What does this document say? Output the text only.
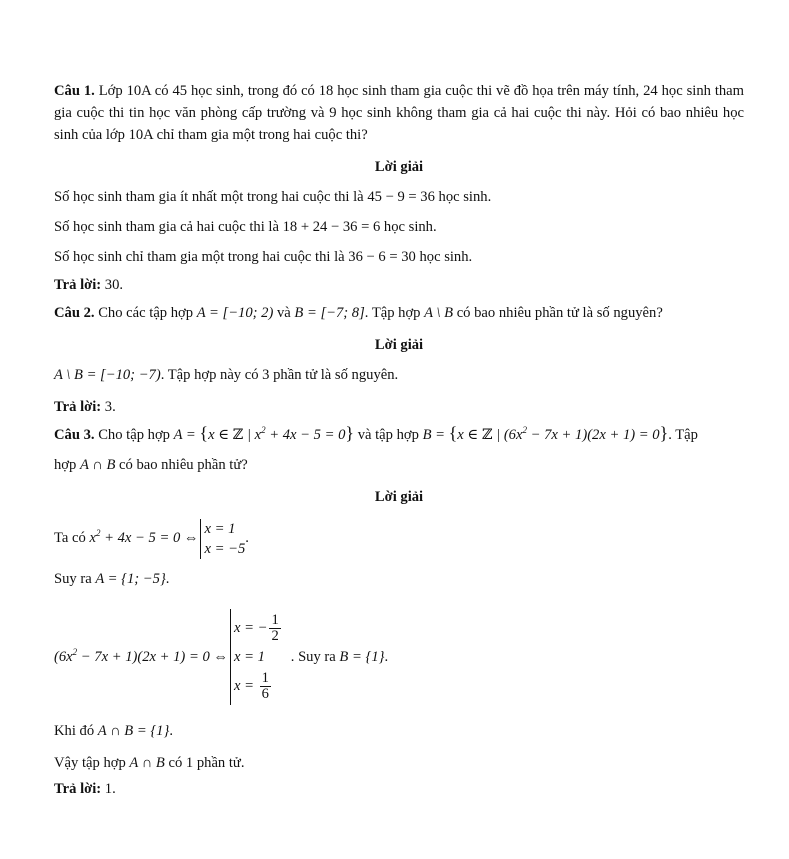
Câu 1. Lớp 10A có 45 học sinh, trong đó có 18 học sinh tham gia cuộc thi vẽ đồ họa trên máy tính, 24 học sinh tham gia cuộc thi tin học văn phòng cấp trường và 9 học sinh không tham gia cả hai cuộc thi này. Hỏi có bao nhiêu học sinh của lớp 10A chỉ tham gia một trong hai cuộc thi?

Lời giải

Số học sinh tham gia ít nhất một trong hai cuộc thi là 45 − 9 = 36 học sinh.

Số học sinh tham gia cả hai cuộc thi là 18 + 24 − 36 = 6 học sinh.

Số học sinh chỉ tham gia một trong hai cuộc thi là 36 − 6 = 30 học sinh.

Trả lời: 30.

Câu 2. Cho các tập hợp A = [−10; 2) và B = [−7; 8]. Tập hợp A \ B có bao nhiêu phần tử là số nguyên?

Lời giải

A \ B = [−10; −7). Tập hợp này có 3 phần tử là số nguyên.

Trả lời: 3.

Câu 3. Cho tập hợp A = {x ∈ ℤ | $x^2 + 4x - 5 = 0$} và tập hợp B = {x ∈ ℤ | $(6x^2 - 7x + 1)(2x + 1) = 0$}. Tập

hợp A ∩ B có bao nhiêu phần tử?

Lời giải

Ta có $x^2 + 4x - 5 = 0$ ⇔
x = 1
x = −5
.

Suy ra A = {1; −5}.

$(6x^2 - 7x + 1)(2x + 1) = 0$ ⇔
x = − $\frac{1}{2}$
x = 1
$x = \frac{1}{6}$
. Suy ra B = {1}.

Khi đó A ∩ B = {1}.

Vậy tập hợp A ∩ B có 1 phần tử.

Trả lời: 1.
